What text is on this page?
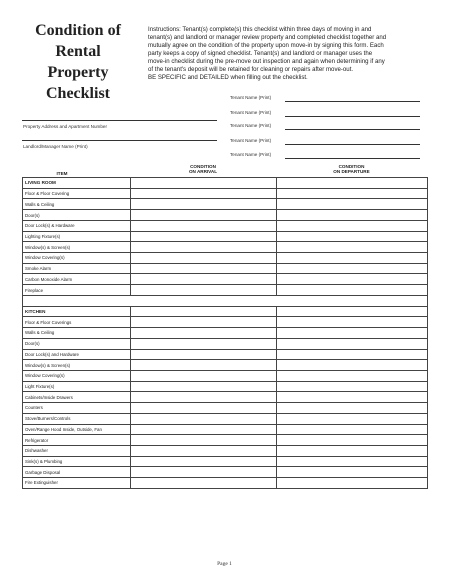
Condition of
Rental
Property
Checklist
Instructions: Tenant(s) complete(s) this checklist within three days of moving in and
tenant(s) and landlord or manager review property and completed checklist together and
mutually agree on the condition of the property upon move-in by signing this form. Each
party keeps a copy of signed checklist. Tenant(s) and landlord or manager uses the
move-in checklist during the pre-move out inspection and again when determining if any
of the tenant's deposit will be retained for cleaning or repairs after move-out.
BE SPECIFIC and DETAILED when filling out the checklist.
Tenant Name (Print)
Tenant Name (Print)
Tenant Name (Print)
Tenant Name (Print)
Tenant Name (Print)
Property Address and Apartment Number
Landlord/Manager Name (Print)
ITEM
CONDITION
ON ARRIVAL
CONDITION
ON DEPARTURE
LIVING ROOM		
Floor & Floor Covering		
Walls & Ceiling		
Door(s)		
Door Lock(s) & Hardware		
Lighting Fixture(s)		
Window(s) & Screen(s)		
Window Covering(s)		
Smoke Alarm		
Carbon Monoxide Alarm		
Fireplace		

KITCHEN		
Floor & Floor Coverings		
Walls & Ceiling		
Door(s)		
Door Lock(s) and Hardware		
Window(s) & Screen(s)		
Window Covering(s)		
Light Fixture(s)		
Cabinets/Inside Drawers		
Counters		
Stove/Burners/Controls		
Oven/Range Hood Inside, Outside, Fan		
Refrigerator		
Dishwasher		
Sink(s) & Plumbing		
Garbage Disposal		
Fire Extinguisher		
Page 1
